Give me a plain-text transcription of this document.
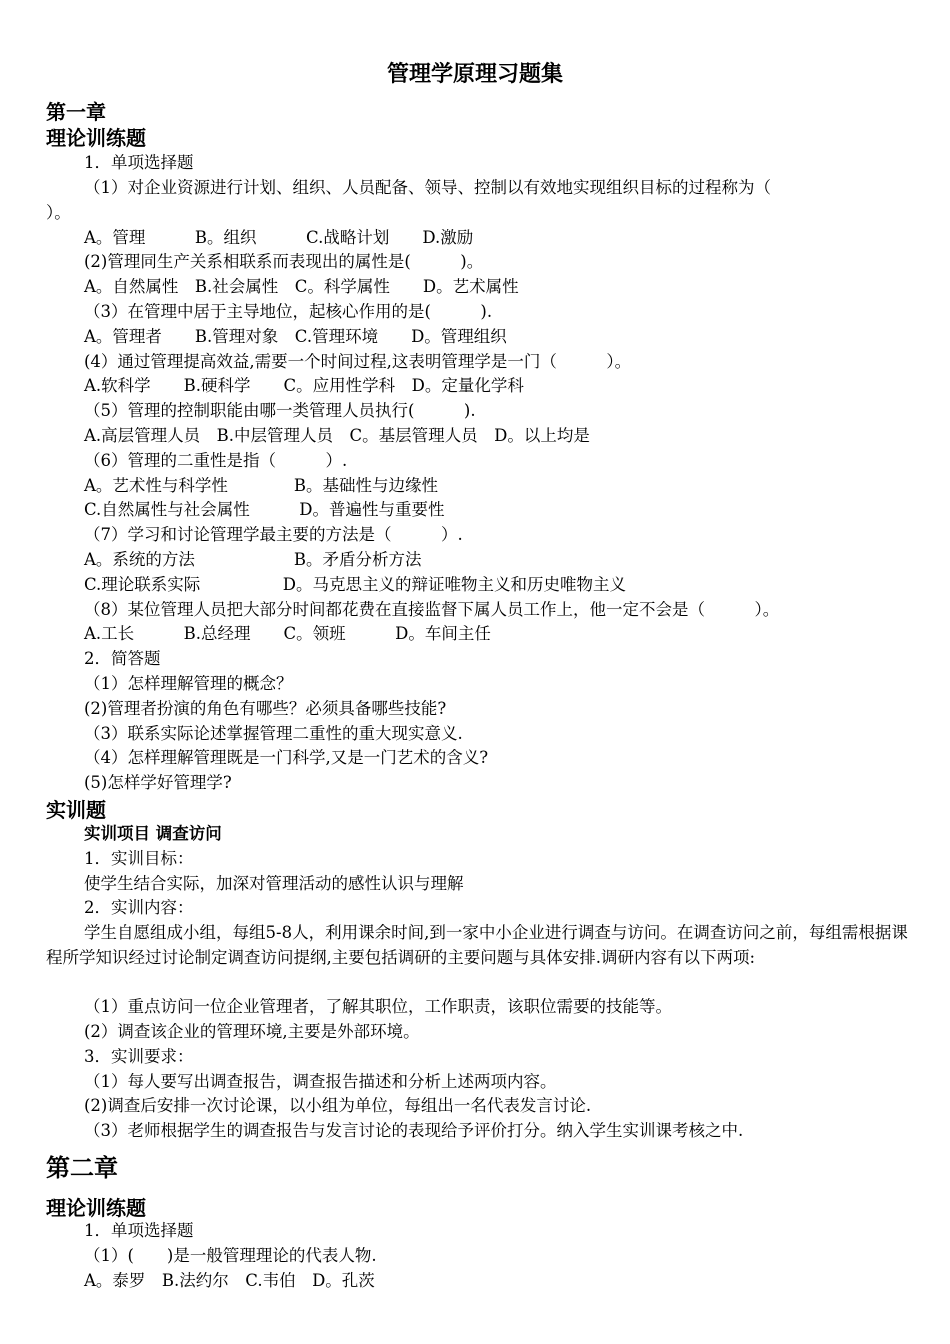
管理学原理习题集
第一章
理论训练题
1．单项选择题
（1）对企业资源进行计划、组织、人员配备、领导、控制以有效地实现组织目标的过程称为（
）。
A。管理　　　B。组织　　　C.战略计划　　D.激励
(2)管理同生产关系相联系而表现出的属性是(　　　)。
A。自然属性　B.社会属性　C。科学属性　　D。艺术属性
（3）在管理中居于主导地位，起核心作用的是(　　　).
A。管理者　　B.管理对象　C.管理环境　　D。管理组织
(4）通过管理提高效益,需要一个时间过程,这表明管理学是一门（　　　）。
A.软科学　　B.硬科学　　C。应用性学科　D。定量化学科
（5）管理的控制职能由哪一类管理人员执行(　　　).
A.高层管理人员　B.中层管理人员　C。基层管理人员　D。以上均是
（6）管理的二重性是指（　　　）.
A。艺术性与科学性　　　　B。基础性与边缘性
C.自然属性与社会属性　　　D。普遍性与重要性
（7）学习和讨论管理学最主要的方法是（　　　）.
A。系统的方法　　　　　　B。矛盾分析方法
C.理论联系实际　　　　　D。马克思主义的辩证唯物主义和历史唯物主义
（8）某位管理人员把大部分时间都花费在直接监督下属人员工作上，他一定不会是（　　　）。
A.工长　　　B.总经理　　C。领班　　　D。车间主任
2．简答题
（1）怎样理解管理的概念？
(2)管理者扮演的角色有哪些？必须具备哪些技能?
（3）联系实际论述掌握管理二重性的重大现实意义.
（4）怎样理解管理既是一门科学,又是一门艺术的含义?
(5)怎样学好管理学?
实训题
实训项目 调查访问
1．实训目标：
使学生结合实际，加深对管理活动的感性认识与理解
2．实训内容：
学生自愿组成小组，每组5-8人，利用课余时间,到一家中小企业进行调查与访问。在调查访问之前，每组需根据课程所学知识经过讨论制定调查访问提纲,主要包括调研的主要问题与具体安排.调研内容有以下两项:
（1）重点访问一位企业管理者，了解其职位，工作职责，该职位需要的技能等。
(2）调查该企业的管理环境,主要是外部环境。
3．实训要求：
（1）每人要写出调查报告，调查报告描述和分析上述两项内容。
(2)调查后安排一次讨论课，以小组为单位，每组出一名代表发言讨论.
（3）老师根据学生的调查报告与发言讨论的表现给予评价打分。纳入学生实训课考核之中.
第二章
理论训练题
1．单项选择题
（1）(　　)是一般管理理论的代表人物.
A。泰罗　B.法约尔　C.韦伯　D。孔茨
